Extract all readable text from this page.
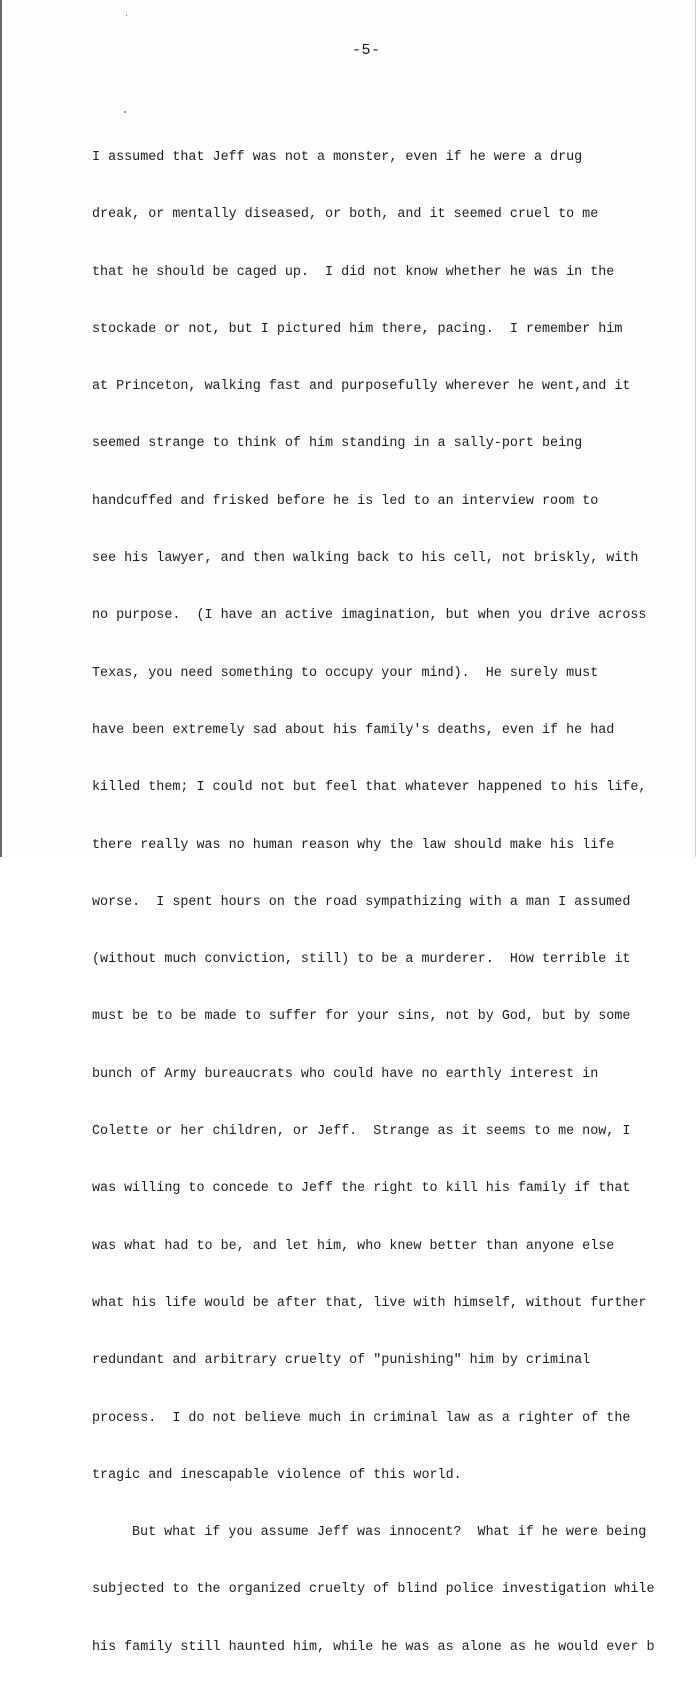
-5-

I assumed that Jeff was not a monster, even if he were a drug

dreak, or mentally diseased, or both, and it seemed cruel to me

that he should be caged up.  I did not know whether he was in the

stockade or not, but I pictured him there, pacing.  I remember him

at Princeton, walking fast and purposefully wherever he went,and it

seemed strange to think of him standing in a sally-port being

handcuffed and frisked before he is led to an interview room to

see his lawyer, and then walking back to his cell, not briskly, with

no purpose.  (I have an active imagination, but when you drive across

Texas, you need something to occupy your mind).  He surely must

have been extremely sad about his family's deaths, even if he had

killed them; I could not but feel that whatever happened to his life,

there really was no human reason why the law should make his life

worse.  I spent hours on the road sympathizing with a man I assumed

(without much conviction, still) to be a murderer.  How terrible it

must be to be made to suffer for your sins, not by God, but by some

bunch of Army bureaucrats who could have no earthly interest in

Colette or her children, or Jeff.  Strange as it seems to me now, I

was willing to concede to Jeff the right to kill his family if that

was what had to be, and let him, who knew better than anyone else

what his life would be after that, live with himself, without further

redundant and arbitrary cruelty of "punishing" him by criminal

process.  I do not believe much in criminal law as a righter of the

tragic and inescapable violence of this world.

But what if you assume Jeff was innocent?  What if he were being

subjected to the organized cruelty of blind police investigation while

his family still haunted him, while he was as alone as he would ever b
